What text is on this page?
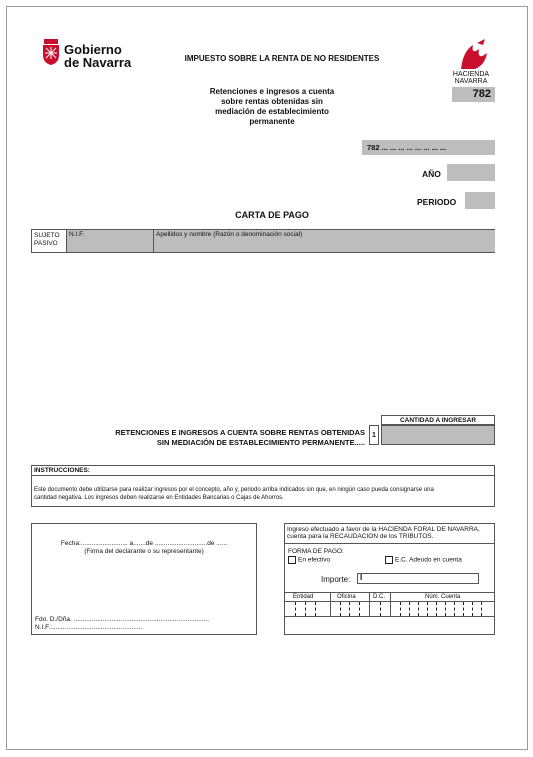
Gobierno
de Navarra	IMPUESTO SOBRE LA RENTA DE NO RESIDENTES
HACIENDA
NAVARRA
782
Retenciones e ingresos a cuenta
sobre rentas obtenidas sin
mediación de establecimiento
permanente
782 ... ... ... ... ... ... ... ...
AÑO
PERIODO
CARTA DE PAGO
SUJETO
PASIVO
N.I.F.	Apellidos y nombre (Razón o denominación social)
RETENCIONES E INGRESOS A CUENTA SOBRE RENTAS OBTENIDAS
SIN MEDIACIÓN DE ESTABLECIMIENTO PERMANENTE.....
1
CANTIDAD A INGRESAR
INSTRUCCIONES:
Este documento debe utilizarse para realizar ingresos por el concepto, año y, periodo arriba indicados sin que, en ningún caso pueda consignarse una
cantidad negativa. Los ingresos deben realizarse en Entidades Bancarias o Cajas de Ahorros.
Fecha:.......................... a.......de .............................de ......
(Firma del declarante o su representante)
Fdo. D./Dña. ...........................................................................
N.I.F.:..................................................
Ingreso efectuado a favor de la HACIENDA FORAL DE NAVARRA,
cuenta para la RECAUDACION de los TRIBUTOS.
FORMA DE PAGO:
En efectivo	E.C. Adeudo en cuenta
Importe: I
Entidad	Oficina	D.C.	Núm. Cuenta
